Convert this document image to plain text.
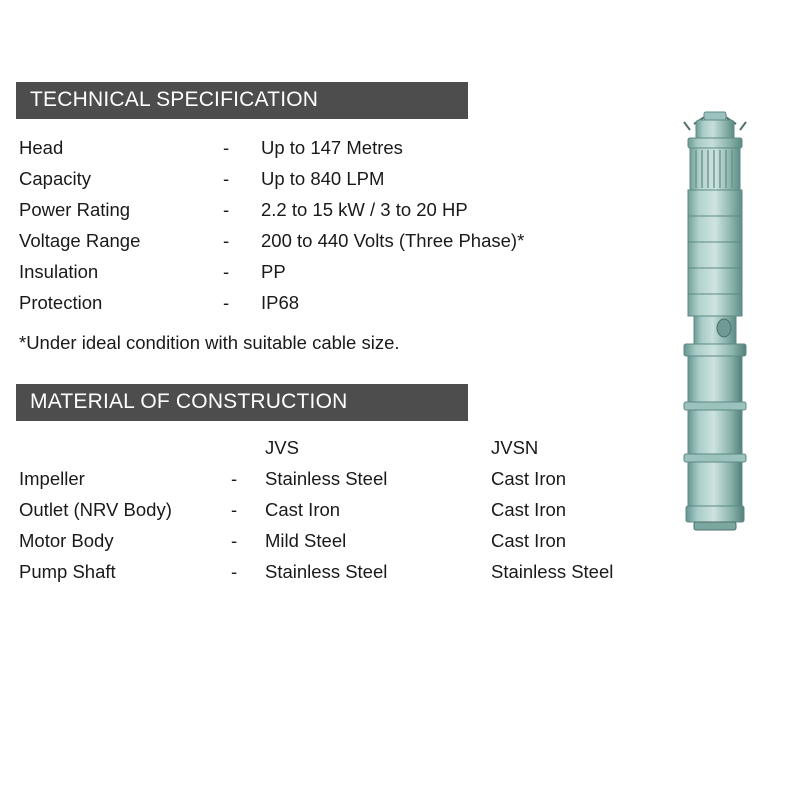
TECHNICAL SPECIFICATION
Head	-	Up to 147 Metres
Capacity	-	Up to 840 LPM
Power Rating	-	2.2 to 15 kW / 3 to 20 HP
Voltage Range	-	200 to 440 Volts (Three Phase)*
Insulation	-	PP
Protection	-	IP68
*Under ideal condition with suitable cable size.
MATERIAL OF CONSTRUCTION
		JVS	JVSN
Impeller	-	Stainless Steel	Cast Iron
Outlet (NRV Body)	-	Cast Iron	Cast Iron
Motor Body	-	Mild Steel	Cast Iron
Pump Shaft	-	Stainless Steel	Stainless Steel
